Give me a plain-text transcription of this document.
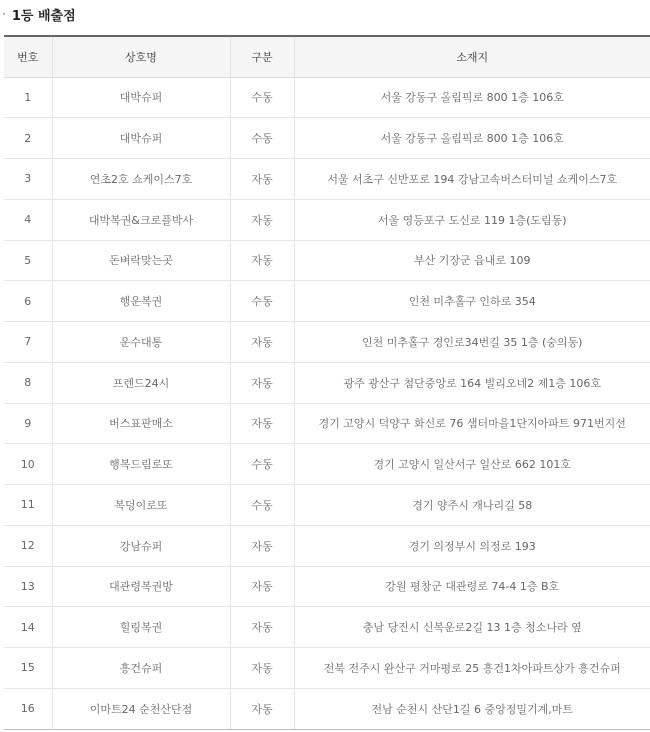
· 1등 배출점
번호	상호명	구분	소재지
1	대박슈퍼	수동	서울 강동구 올림픽로 800 1층 106호
2	대박슈퍼	수동	서울 강동구 올림픽로 800 1층 106호
3	연초2호 쇼케이스7호	자동	서울 서초구 신반포로 194 강남고속버스터미널 쇼케이스7호
4	대박복권&크로플박사	자동	서울 영등포구 도신로 119 1층(도림동)
5	돈벼락맞는곳	자동	부산 기장군 읍내로 109
6	행운복권	수동	인천 미추홀구 인하로 354
7	운수대통	자동	인천 미추홀구 경인로34번길 35 1층 (숭의동)
8	프렌드24시	자동	광주 광산구 첨단중앙로 164 빌리오네2 제1층 106호
9	버스표판매소	자동	경기 고양시 덕양구 화신로 76 샘터마을1단지아파트 971번지선
10	행복드림로또	수동	경기 고양시 일산서구 일산로 662 101호
11	복덩이로또	수동	경기 양주시 개나리길 58
12	강남슈퍼	자동	경기 의정부시 의정로 193
13	대관령복권방	자동	강원 평창군 대관령로 74-4 1층 B호
14	힐링복권	자동	충남 당진시 신복운로2길 13 1층 청소나라 옆
15	흥건슈퍼	자동	전북 전주시 완산구 거마평로 25 흥건1차아파트상가 흥건슈퍼
16	이마트24 순천산단점	자동	전남 순천시 산단1길 6 중앙정밀기계,마트
